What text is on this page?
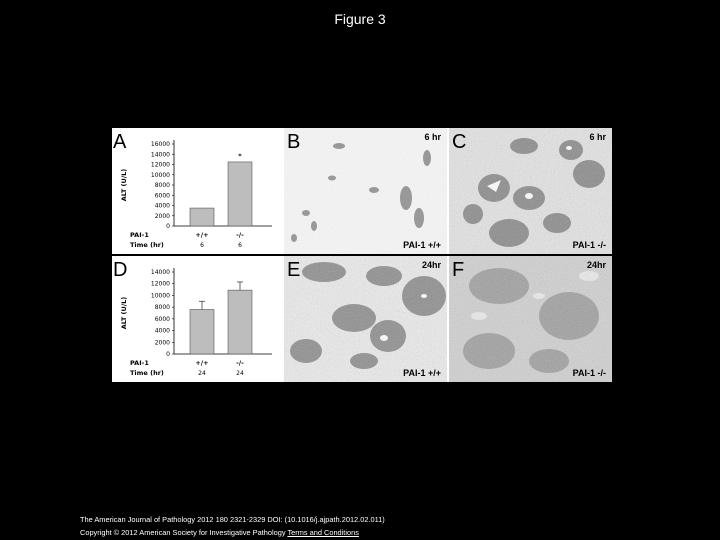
Figure 3
A	16000
14000
12000
10000
8000
6000
4000
2000
0
ALT (U/L)
+/+
6
-/-
6
PAI-1
Time (hr)
*
B	6 hr
PAI-1 +/+
C	6 hr
PAI-1 -/-
D	14000
12000
10000
8000
6000
4000
2000
0
ALT (U/L)
+/+
24
-/-
24
PAI-1
Time (hr)
E	24hr
PAI-1 +/+
F	24hr
PAI-1 -/-
The American Journal of Pathology 2012 180 2321-2329 DOI: (10.1016/j.ajpath.2012.02.011)
Copyright © 2012 American Society for Investigative Pathology Terms and Conditions
